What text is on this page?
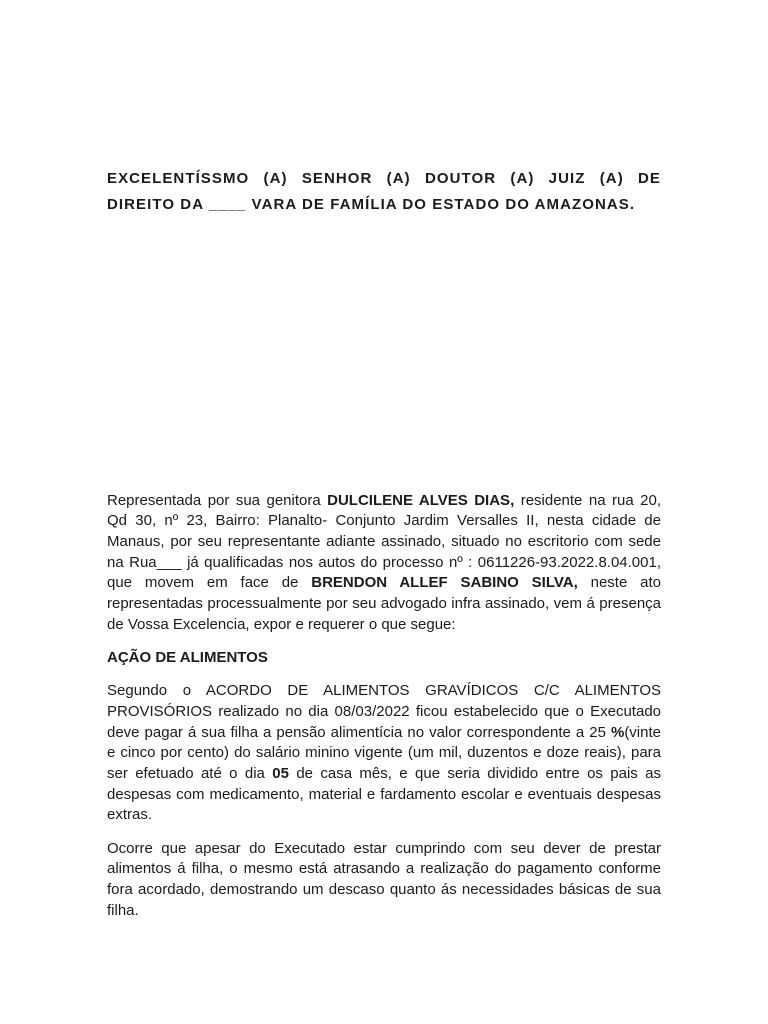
EXCELENTÍSSMO (A) SENHOR (A) DOUTOR (A) JUIZ (A) DE
DIREITO DA ____ VARA DE FAMÍLIA DO ESTADO DO AMAZONAS.
Representada por sua genitora DULCILENE ALVES DIAS, residente na rua 20,
Qd 30, nº 23, Bairro: Planalto- Conjunto Jardim Versalles II, nesta cidade de
Manaus, por seu representante adiante assinado, situado no escritorio com sede
na Rua___ já qualificadas nos autos do processo nº : 0611226-93.2022.8.04.001,
que movem em face de BRENDON ALLEF SABINO SILVA, neste ato
representadas processualmente por seu advogado infra assinado, vem á presença
de Vossa Excelencia, expor e requerer o que segue:
AÇÃO DE ALIMENTOS
Segundo o ACORDO DE ALIMENTOS GRAVÍDICOS C/C ALIMENTOS
PROVISÓRIOS realizado no dia 08/03/2022 ficou estabelecido que o Executado
deve pagar á sua filha a pensão alimentícia no valor correspondente a 25 %(vinte
e cinco por cento) do salário minino vigente (um mil, duzentos e doze reais), para
ser efetuado até o dia 05 de casa mês, e que seria dividido entre os pais as
despesas com medicamento, material e fardamento escolar e eventuais despesas
extras.
Ocorre que apesar do Executado estar cumprindo com seu dever de prestar
alimentos á filha, o mesmo está atrasando a realização do pagamento conforme
fora acordado, demostrando um descaso quanto ás necessidades básicas de sua
filha.
